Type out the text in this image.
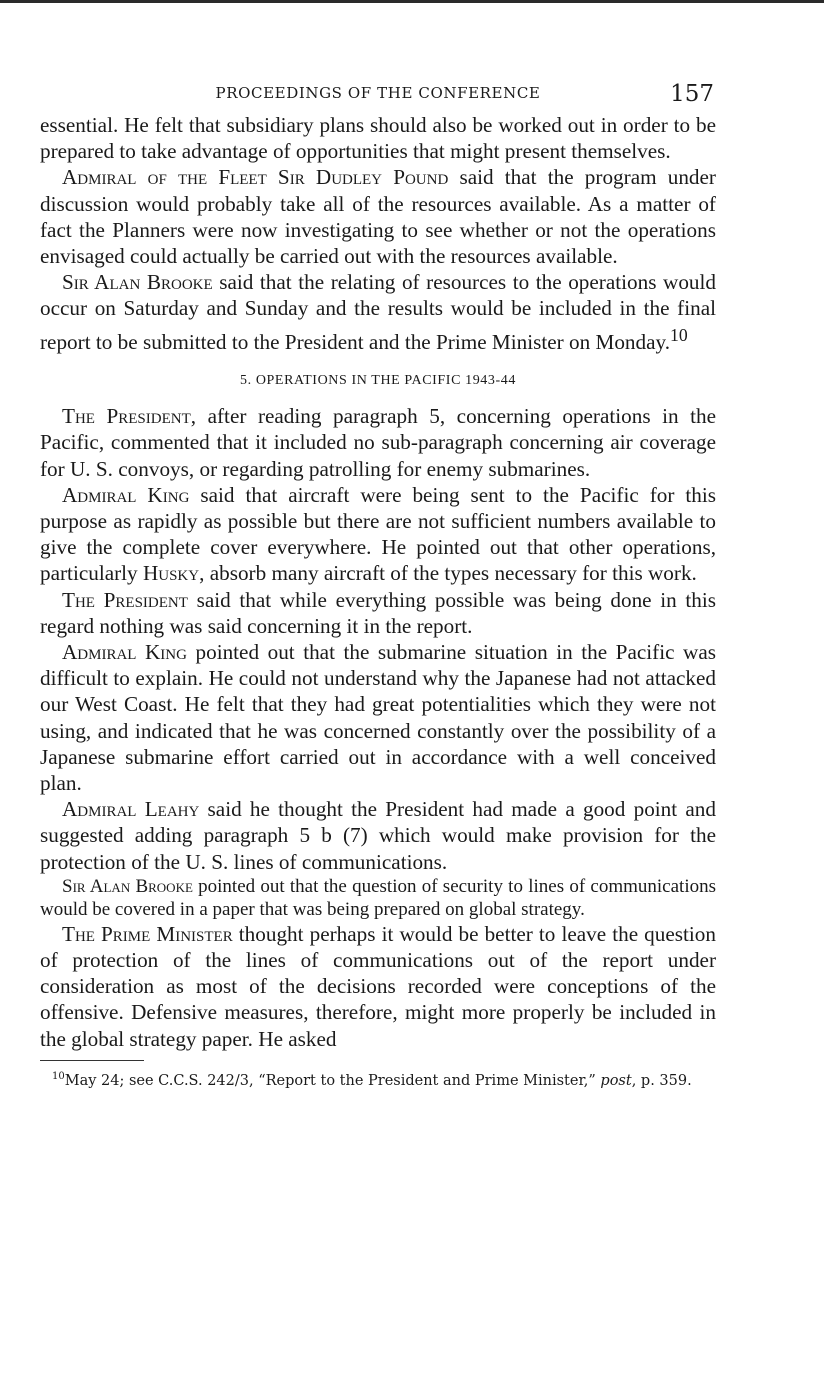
PROCEEDINGS OF THE CONFERENCE	157

essential. He felt that subsidiary plans should also be worked out in order to be prepared to take advantage of opportunities that might present themselves.

Admiral of the Fleet Sir Dudley Pound said that the program under discussion would probably take all of the resources available. As a matter of fact the Planners were now investigating to see whether or not the operations envisaged could actually be carried out with the resources available.

Sir Alan Brooke said that the relating of resources to the operations would occur on Saturday and Sunday and the results would be included in the final report to be submitted to the President and the Prime Minister on Monday.$^{10}$

5. OPERATIONS IN THE PACIFIC 1943-44

The President, after reading paragraph 5, concerning operations in the Pacific, commented that it included no sub-paragraph concerning air coverage for U. S. convoys, or regarding patrolling for enemy submarines.

Admiral King said that aircraft were being sent to the Pacific for this purpose as rapidly as possible but there are not sufficient numbers available to give the complete cover everywhere. He pointed out that other operations, particularly Husky, absorb many aircraft of the types necessary for this work.

The President said that while everything possible was being done in this regard nothing was said concerning it in the report.

Admiral King pointed out that the submarine situation in the Pacific was difficult to explain. He could not understand why the Japanese had not attacked our West Coast. He felt that they had great potentialities which they were not using, and indicated that he was concerned constantly over the possibility of a Japanese submarine effort carried out in accordance with a well conceived plan.

Admiral Leahy said he thought the President had made a good point and suggested adding paragraph 5 b (7) which would make provision for the protection of the U. S. lines of communications.

Sir Alan Brooke pointed out that the question of security to lines of communications would be covered in a paper that was being prepared on global strategy.

The Prime Minister thought perhaps it would be better to leave the question of protection of the lines of communications out of the report under consideration as most of the decisions recorded were conceptions of the offensive. Defensive measures, therefore, might more properly be included in the global strategy paper. He asked

$^{10}$May 24; see C.C.S. 242/3, “Report to the President and Prime Minister,” post, p. 359.
